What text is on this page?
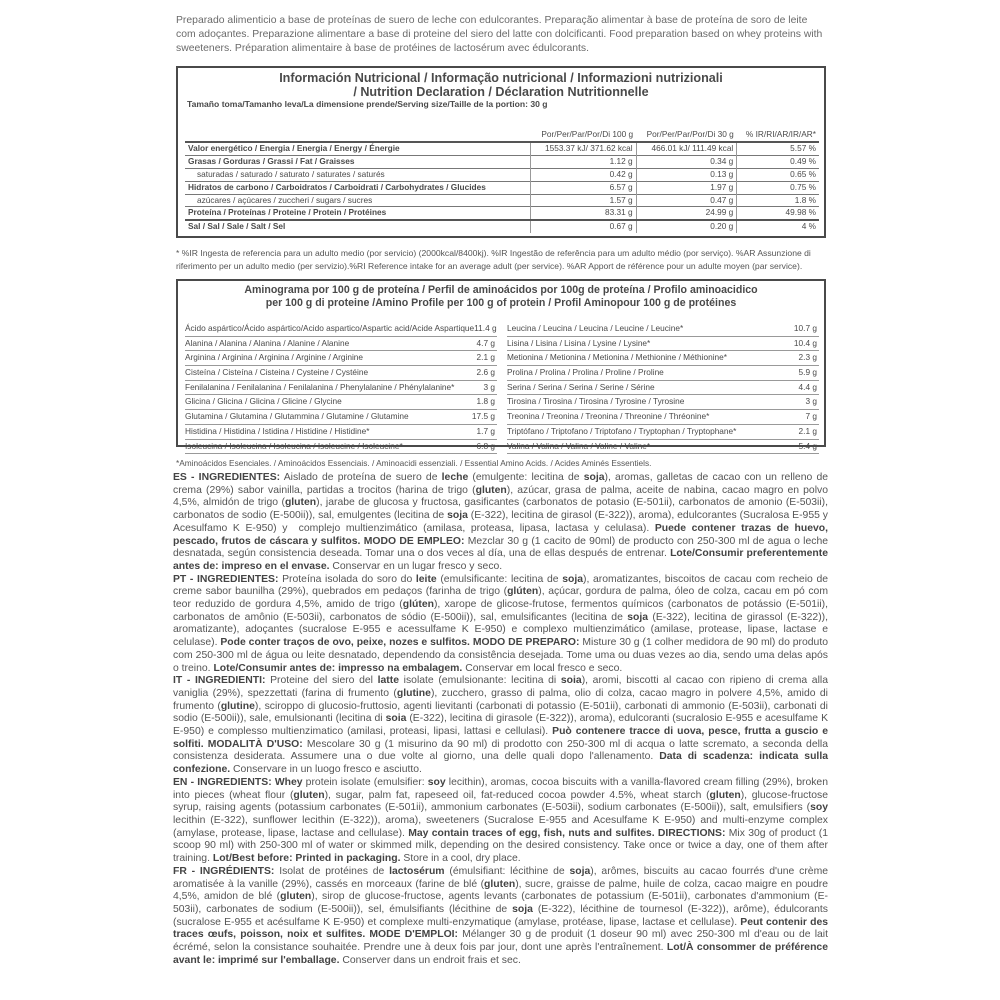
Preparado alimenticio a base de proteínas de suero de leche con edulcorantes. Preparação alimentar à base de proteína de soro de leite com adoçantes. Preparazione alimentare a base di proteine del siero del latte con dolcificanti. Food preparation based on whey proteins with sweeteners. Préparation alimentaire à base de protéines de lactosérum avec édulcorants.
Información Nutricional / Informação nutricional / Informazioni nutrizionali
/ Nutrition Declaration / Déclaration Nutritionnelle
Tamaño toma/Tamanho leva/La dimensione prende/Serving size/Taille de la portion: 30 g
	Por/Per/Par/Por/Di 100 g	Por/Per/Par/Por/Di 30 g	% IR/RI/AR/IR/AR*
Valor energético / Energia / Energia / Energy / Énergie	1553.37 kJ/ 371.62 kcal	466.01 kJ/ 111.49 kcal	5.57 %
Grasas / Gorduras / Grassi / Fat / Graisses	1.12 g	0.34 g	0.49 %
saturadas / saturado / saturato / saturates / saturés	0.42 g	0.13 g	0.65 %
Hidratos de carbono / Carboidratos / Carboidrati / Carbohydrates / Glucides	6.57 g	1.97 g	0.75 %
azúcares / açúcares / zuccheri / sugars / sucres	1.57 g	0.47 g	1.8 %
Proteína / Proteínas / Proteine / Protein / Protéines	83.31 g	24.99 g	49.98 %
Sal / Sal / Sale / Salt / Sel	0.67 g	0.20 g	4 %
* %IR Ingesta de referencia para un adulto medio (por servicio) (2000kcal/8400kj). %IR Ingestão de referência para um adulto médio (por serviço). %AR Assunzione di riferimento per un adulto medio (per servizio).%RI Reference intake for an average adult (per service). %AR Apport de référence pour un adulte moyen (par service).
Aminograma por 100 g de proteína / Perfil de aminoácidos por 100g de proteína / Profilo aminoacidico
per 100 g di proteine /Amino Profile per 100 g of protein / Profil Aminopour 100 g de protéines
Ácido aspártico/Ácido aspártico/Acido aspartico/Aspartic acid/Acide Aspartique 11.4 g
Alanina / Alanina / Alanina / Alanine / Alanine	4.7 g
Arginina / Arginina / Arginina / Arginine / Arginine	2.1 g
Cisteína / Cisteína / Cisteina / Cysteine / Cystéine	2.6 g
Fenilalanina / Fenilalanina / Fenilalanina / Phenylalanine / Phénylalanine*	3 g
Glicina / Glicina / Glicina / Glicine / Glycine	1.8 g
Glutamina / Glutamina / Glutammina / Glutamine / Glutamine	17.5 g
Histidina / Histidina / Istidina / Histidine / Histidine*	1.7 g
Isoleucina / Isoleucina / Isoleucina / Isoleucine / Isoleucine*	6.8 g
Leucina / Leucina / Leucina / Leucine / Leucine*	10.7 g
Lisina / Lisina / Lisina / Lysine / Lysine*	10.4 g
Metionina / Metionina / Metionina / Methionine / Méthionine*	2.3 g
Prolina / Prolina / Prolina / Proline / Proline	5.9 g
Serina / Serina / Serina / Serine / Sérine	4.4 g
Tirosina / Tirosina / Tirosina / Tyrosine / Tyrosine	3 g
Treonina / Treonina / Treonina / Threonine / Thréonine*	7 g
Triptófano / Triptofano / Triptofano / Tryptophan / Tryptophane*	2.1 g
Valina / Valina / Valina / Valine / Valine*	5.4 g
*Aminoácidos Esenciales. / Aminoácidos Essenciais. / Aminoacidi essenziali. / Essential Amino Acids. / Acides Aminés Essentiels.

ES - INGREDIENTES: Aislado de proteína de suero de leche (emulgente: lecitina de soja), aromas, galletas de cacao con un relleno de crema (29%) sabor vainilla, partidas a trocitos (harina de trigo (gluten), azúcar, grasa de palma, aceite de nabina, cacao magro en polvo 4,5%, almidón de trigo (gluten), jarabe de glucosa y fructosa, gasificantes (carbonatos de potasio (E-501ii), carbonatos de amonio (E-503ii), carbonatos de sodio (E-500ii)), sal, emulgentes (lecitina de soja (E-322), lecitina de girasol (E-322)), aroma), edulcorantes (Sucralosa E-955 y Acesulfamo K E-950) y  complejo multienzimático (amilasa, proteasa, lipasa, lactasa y celulasa). Puede contener trazas de huevo, pescado, frutos de cáscara y sulfitos. MODO DE EMPLEO: Mezclar 30 g (1 cacito de 90ml) de producto con 250-300 ml de agua o leche desnatada, según consistencia deseada. Tomar una o dos veces al día, una de ellas después de entrenar. Lote/Consumir preferentemente antes de: impreso en el envase. Conservar en un lugar fresco y seco.

PT - INGREDIENTES: Proteína isolada do soro do leite (emulsificante: lecitina de soja), aromatizantes, biscoitos de cacau com recheio de creme sabor baunilha (29%), quebrados em pedaços (farinha de trigo (glúten), açúcar, gordura de palma, óleo de colza, cacau em pó com teor reduzido de gordura 4,5%, amido de trigo (glúten), xarope de glicose-frutose, fermentos químicos (carbonatos de potássio (E-501ii), carbonatos de amônio (E-503ii), carbonatos de sódio (E-500ii)), sal, emulsificantes (lecitina de soja (E-322), lecitina de girassol (E-322)), aromatizante), adoçantes (sucralose E-955 e acessulfame K E-950) e complexo multienzimático (amilase, protease, lipase, lactase e celulase). Pode conter traços de ovo, peixe, nozes e sulfitos. MODO DE PREPARO: Misture 30 g (1 colher medidora de 90 ml) do produto com 250-300 ml de água ou leite desnatado, dependendo da consistência desejada. Tome uma ou duas vezes ao dia, sendo uma delas após o treino. Lote/Consumir antes de: impresso na embalagem. Conservar em local fresco e seco.

IT - INGREDIENTI: Proteine del siero del latte isolate (emulsionante: lecitina di soia), aromi, biscotti al cacao con ripieno di crema alla vaniglia (29%), spezzettati (farina di frumento (glutine), zucchero, grasso di palma, olio di colza, cacao magro in polvere 4,5%, amido di frumento (glutine), sciroppo di glucosio-fruttosio, agenti lievitanti (carbonati di potassio (E-501ii), carbonati di ammonio (E-503ii), carbonati di sodio (E-500ii)), sale, emulsionanti (lecitina di soia (E-322), lecitina di girasole (E-322)), aroma), edulcoranti (sucralosio E-955 e acesulfame K E-950) e complesso multienzimatico (amilasi, proteasi, lipasi, lattasi e cellulasi). Può contenere tracce di uova, pesce, frutta a guscio e solfiti. MODALITÀ D'USO: Mescolare 30 g (1 misurino da 90 ml) di prodotto con 250-300 ml di acqua o latte scremato, a seconda della consistenza desiderata. Assumere una o due volte al giorno, una delle quali dopo l'allenamento. Data di scadenza: indicata sulla confezione. Conservare in un luogo fresco e asciutto.

EN - INGREDIENTS: Whey protein isolate (emulsifier: soy lecithin), aromas, cocoa biscuits with a vanilla-flavored cream filling (29%), broken into pieces (wheat flour (gluten), sugar, palm fat, rapeseed oil, fat-reduced cocoa powder 4.5%, wheat starch (gluten), glucose-fructose syrup, raising agents (potassium carbonates (E-501ii), ammonium carbonates (E-503ii), sodium carbonates (E-500ii)), salt, emulsifiers (soy lecithin (E-322), sunflower lecithin (E-322)), aroma), sweeteners (Sucralose E-955 and Acesulfame K E-950) and multi-enzyme complex (amylase, protease, lipase, lactase and cellulase). May contain traces of egg, fish, nuts and sulfites. DIRECTIONS: Mix 30g of product (1 scoop 90 ml) with 250-300 ml of water or skimmed milk, depending on the desired consistency. Take once or twice a day, one of them after training. Lot/Best before: Printed in packaging. Store in a cool, dry place.

FR - INGRÉDIENTS: Isolat de protéines de lactosérum (émulsifiant: lécithine de soja), arômes, biscuits au cacao fourrés d'une crème aromatisée à la vanille (29%), cassés en morceaux (farine de blé (gluten), sucre, graisse de palme, huile de colza, cacao maigre en poudre 4,5%, amidon de blé (gluten), sirop de glucose-fructose, agents levants (carbonates de potassium (E-501ii), carbonates d'ammonium (E-503ii), carbonates de sodium (E-500ii)), sel, émulsifiants (lécithine de soja (E-322), lécithine de tournesol (E-322)), arôme), édulcorants (sucralose E-955 et acésulfame K E-950) et complexe multi-enzymatique (amylase, protéase, lipase, lactase et cellulase). Peut contenir des traces œufs, poisson, noix et sulfites. MODE D'EMPLOI: Mélanger 30 g de produit (1 doseur 90 ml) avec 250-300 ml d'eau ou de lait écrémé, selon la consistance souhaitée. Prendre une à deux fois par jour, dont une après l'entraînement. Lot/À consommer de préférence avant le: imprimé sur l'emballage. Conserver dans un endroit frais et sec.
